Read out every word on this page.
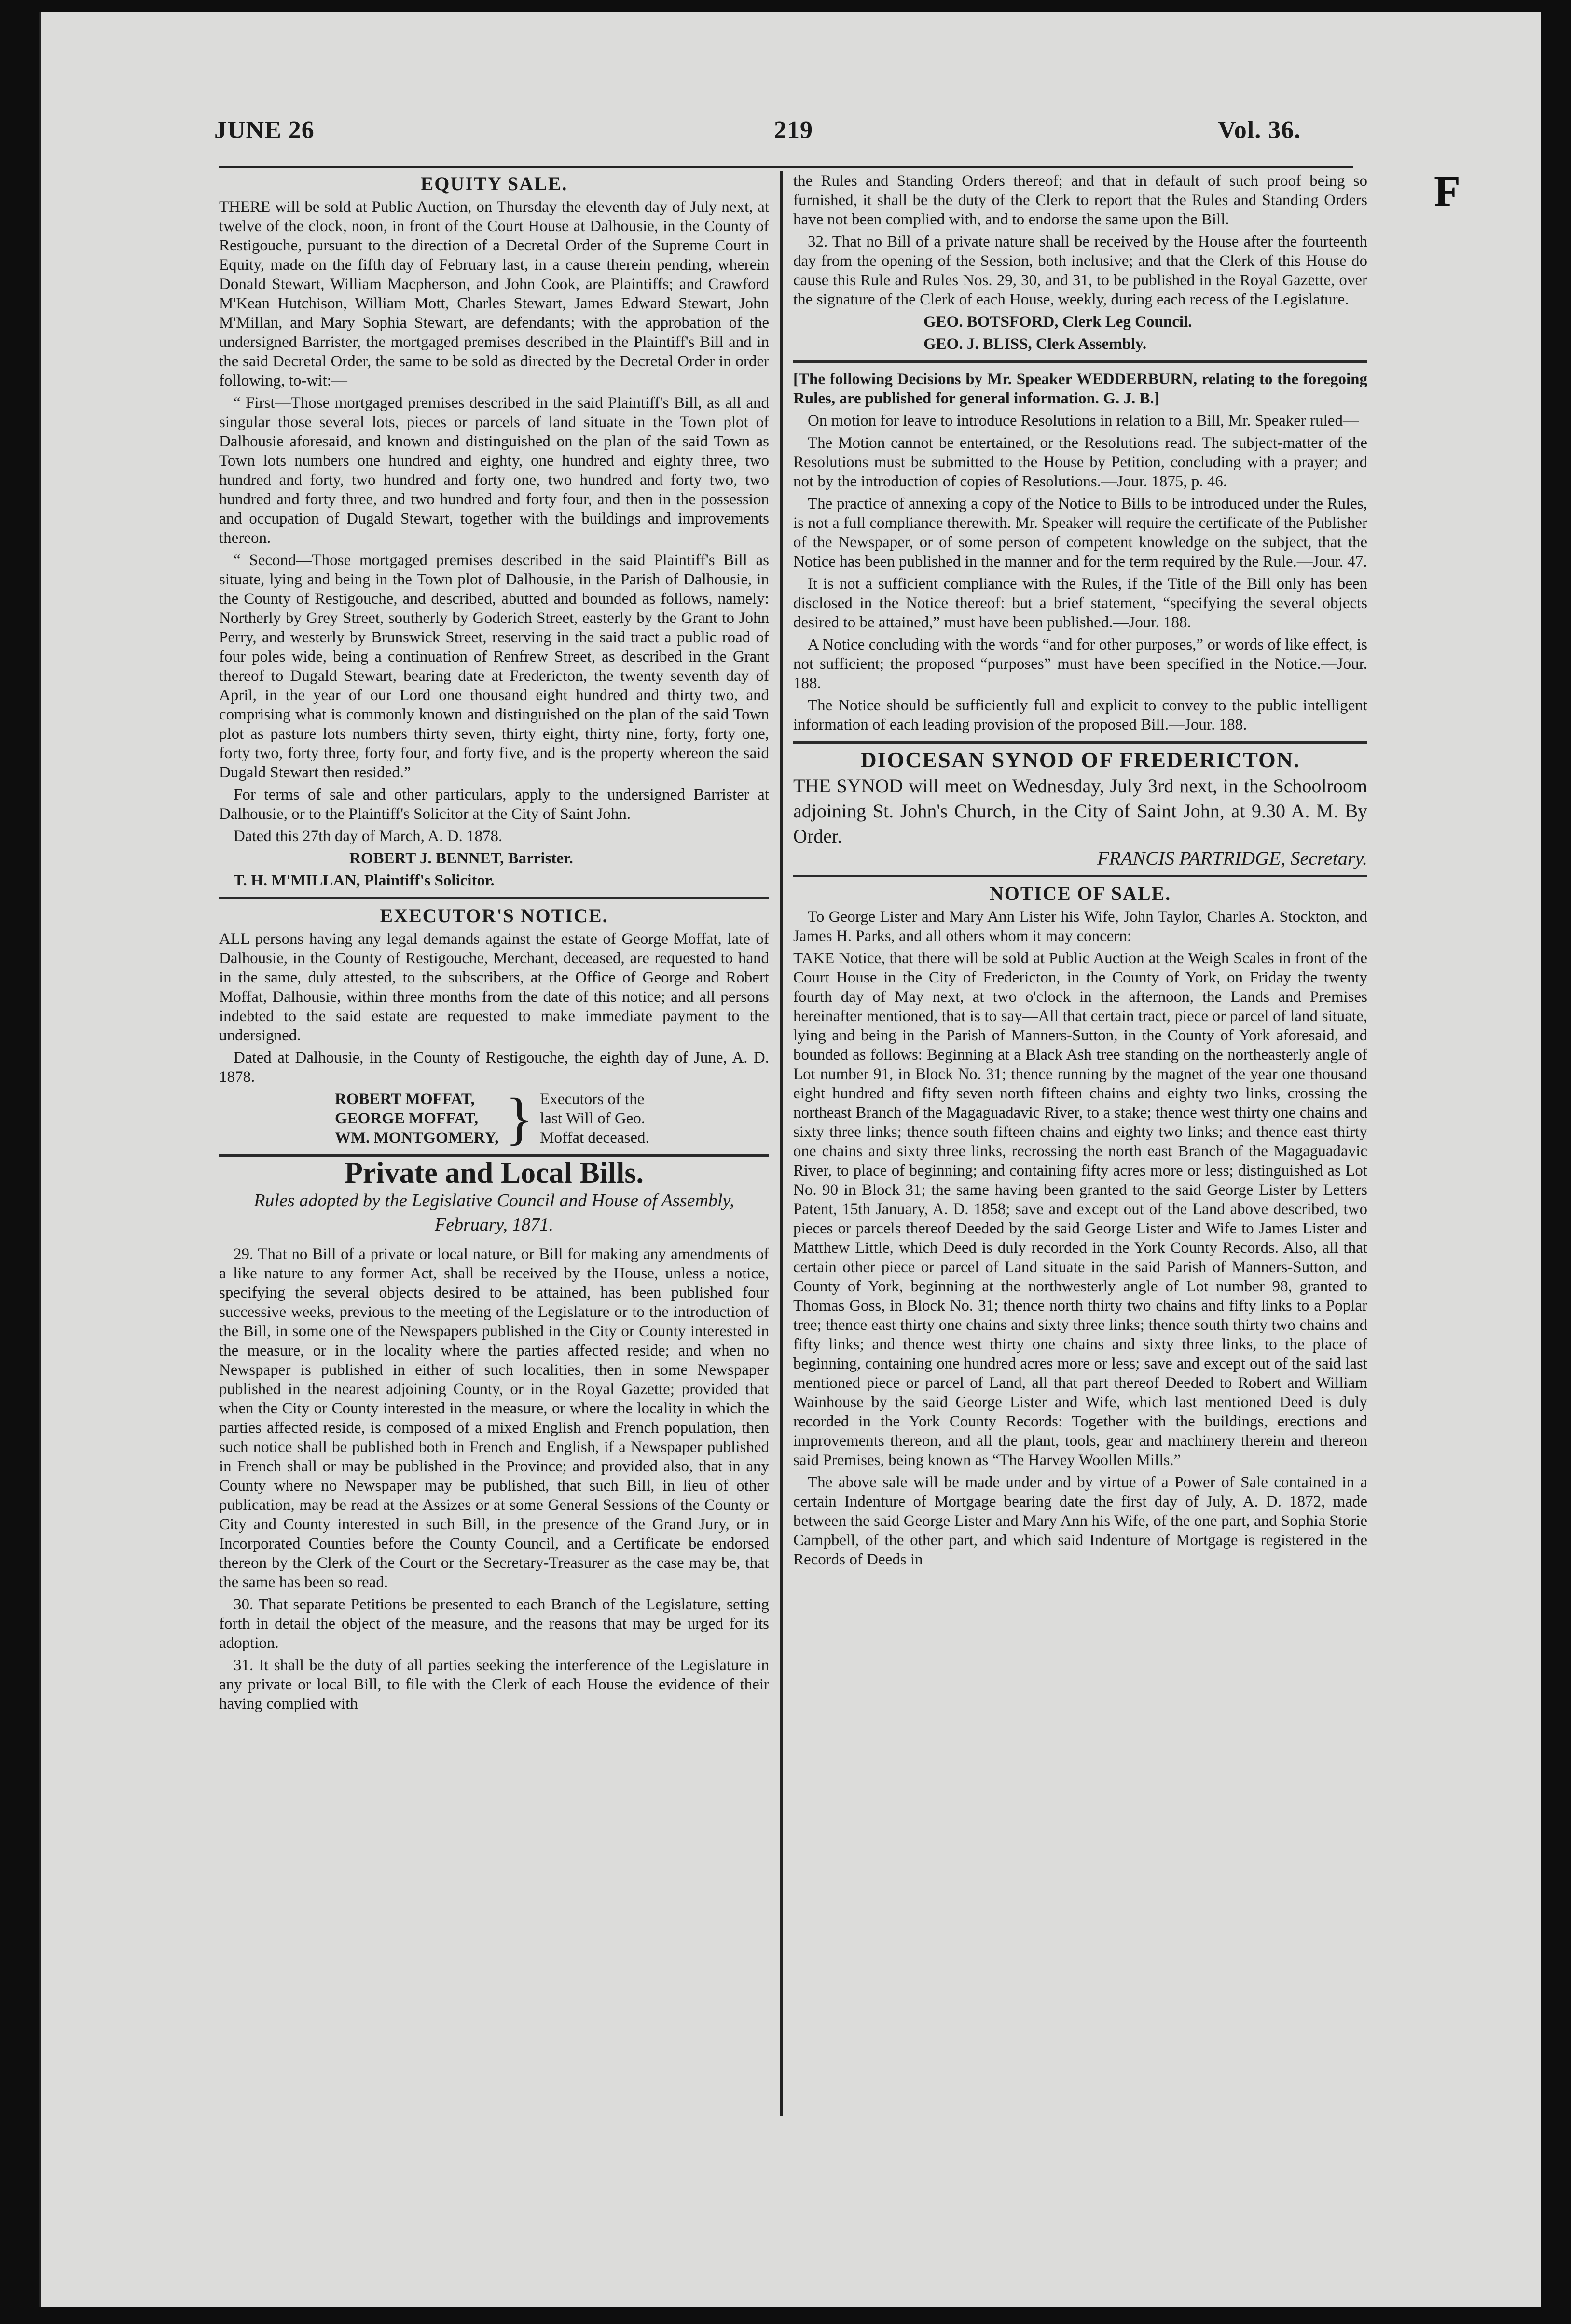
JUNE 26	219	Vol. 36.
F
EQUITY SALE.

THERE will be sold at Public Auction, on Thursday the eleventh day of July next, at twelve of the clock, noon, in front of the Court House at Dalhousie, in the County of Restigouche, pursuant to the direction of a Decretal Order of the Supreme Court in Equity, made on the fifth day of February last, in a cause therein pending, wherein Donald Stewart, William Macpherson, and John Cook, are Plaintiffs; and Crawford M'Kean Hutchison, William Mott, Charles Stewart, James Edward Stewart, John M'Millan, and Mary Sophia Stewart, are defendants; with the approbation of the undersigned Barrister, the mortgaged premises described in the Plaintiff's Bill and in the said Decretal Order, the same to be sold as directed by the Decretal Order in order following, to-wit:—

“ First—Those mortgaged premises described in the said Plaintiff's Bill, as all and singular those several lots, pieces or parcels of land situate in the Town plot of Dalhousie aforesaid, and known and distinguished on the plan of the said Town as Town lots numbers one hundred and eighty, one hundred and eighty three, two hundred and forty, two hundred and forty one, two hundred and forty two, two hundred and forty three, and two hundred and forty four, and then in the possession and occupation of Dugald Stewart, together with the buildings and improvements thereon.

“ Second—Those mortgaged premises described in the said Plaintiff's Bill as situate, lying and being in the Town plot of Dalhousie, in the Parish of Dalhousie, in the County of Restigouche, and described, abutted and bounded as follows, namely: Northerly by Grey Street, southerly by Goderich Street, easterly by the Grant to John Perry, and westerly by Brunswick Street, reserving in the said tract a public road of four poles wide, being a continuation of Renfrew Street, as described in the Grant thereof to Dugald Stewart, bearing date at Fredericton, the twenty seventh day of April, in the year of our Lord one thousand eight hundred and thirty two, and comprising what is commonly known and distinguished on the plan of the said Town plot as pasture lots numbers thirty seven, thirty eight, thirty nine, forty, forty one, forty two, forty three, forty four, and forty five, and is the property whereon the said Dugald Stewart then resided.”

For terms of sale and other particulars, apply to the undersigned Barrister at Dalhousie, or to the Plaintiff's Solicitor at the City of Saint John.

Dated this 27th day of March, A. D. 1878.

ROBERT J. BENNET, Barrister.

T. H. M'MILLAN, Plaintiff's Solicitor.

EXECUTOR'S NOTICE.

ALL persons having any legal demands against the estate of George Moffat, late of Dalhousie, in the County of Restigouche, Merchant, deceased, are requested to hand in the same, duly attested, to the subscribers, at the Office of George and Robert Moffat, Dalhousie, within three months from the date of this notice; and all persons indebted to the said estate are requested to make immediate payment to the undersigned.

Dated at Dalhousie, in the County of Restigouche, the eighth day of June, A. D. 1878.

ROBERT MOFFAT,
GEORGE MOFFAT,
WM. MONTGOMERY, } Executors of the
last Will of Geo.
Moffat deceased.
Private and Local Bills.
Rules adopted by the Legislative Council and House of Assembly, February, 1871.

29. That no Bill of a private or local nature, or Bill for making any amendments of a like nature to any former Act, shall be received by the House, unless a notice, specifying the several objects desired to be attained, has been published four successive weeks, previous to the meeting of the Legislature or to the introduction of the Bill, in some one of the Newspapers published in the City or County interested in the measure, or in the locality where the parties affected reside; and when no Newspaper is published in either of such localities, then in some Newspaper published in the nearest adjoining County, or in the Royal Gazette; provided that when the City or County interested in the measure, or where the locality in which the parties affected reside, is composed of a mixed English and French population, then such notice shall be published both in French and English, if a Newspaper published in French shall or may be published in the Province; and provided also, that in any County where no Newspaper may be published, that such Bill, in lieu of other publication, may be read at the Assizes or at some General Sessions of the County or City and County interested in such Bill, in the presence of the Grand Jury, or in Incorporated Counties before the County Council, and a Certificate be endorsed thereon by the Clerk of the Court or the Secretary-Treasurer as the case may be, that the same has been so read.

30. That separate Petitions be presented to each Branch of the Legislature, setting forth in detail the object of the measure, and the reasons that may be urged for its adoption.

31. It shall be the duty of all parties seeking the interference of the Legislature in any private or local Bill, to file with the Clerk of each House the evidence of their having complied with

the Rules and Standing Orders thereof; and that in default of such proof being so furnished, it shall be the duty of the Clerk to report that the Rules and Standing Orders have not been complied with, and to endorse the same upon the Bill.

32. That no Bill of a private nature shall be received by the House after the fourteenth day from the opening of the Session, both inclusive; and that the Clerk of this House do cause this Rule and Rules Nos. 29, 30, and 31, to be published in the Royal Gazette, over the signature of the Clerk of each House, weekly, during each recess of the Legislature.

GEO. BOTSFORD, Clerk Leg Council.

GEO. J. BLISS, Clerk Assembly.

[The following Decisions by Mr. Speaker WEDDERBURN, relating to the foregoing Rules, are published for general information. G. J. B.]

On motion for leave to introduce Resolutions in relation to a Bill, Mr. Speaker ruled—

The Motion cannot be entertained, or the Resolutions read. The subject-matter of the Resolutions must be submitted to the House by Petition, concluding with a prayer; and not by the introduction of copies of Resolutions.—Jour. 1875, p. 46.

The practice of annexing a copy of the Notice to Bills to be introduced under the Rules, is not a full compliance therewith. Mr. Speaker will require the certificate of the Publisher of the Newspaper, or of some person of competent knowledge on the subject, that the Notice has been published in the manner and for the term required by the Rule.—Jour. 47.

It is not a sufficient compliance with the Rules, if the Title of the Bill only has been disclosed in the Notice thereof: but a brief statement, “specifying the several objects desired to be attained,” must have been published.—Jour. 188.

A Notice concluding with the words “and for other purposes,” or words of like effect, is not sufficient; the proposed “purposes” must have been specified in the Notice.—Jour. 188.

The Notice should be sufficiently full and explicit to convey to the public intelligent information of each leading provision of the proposed Bill.—Jour. 188.

DIOCESAN SYNOD OF FREDERICTON.
THE SYNOD will meet on Wednesday, July 3rd next, in the Schoolroom adjoining St. John's Church, in the City of Saint John, at 9.30 A. M. By Order.
FRANCIS PARTRIDGE, Secretary.
NOTICE OF SALE.

To George Lister and Mary Ann Lister his Wife, John Taylor, Charles A. Stockton, and James H. Parks, and all others whom it may concern:

TAKE Notice, that there will be sold at Public Auction at the Weigh Scales in front of the Court House in the City of Fredericton, in the County of York, on Friday the twenty fourth day of May next, at two o'clock in the afternoon, the Lands and Premises hereinafter mentioned, that is to say—All that certain tract, piece or parcel of land situate, lying and being in the Parish of Manners-Sutton, in the County of York aforesaid, and bounded as follows: Beginning at a Black Ash tree standing on the northeasterly angle of Lot number 91, in Block No. 31; thence running by the magnet of the year one thousand eight hundred and fifty seven north fifteen chains and eighty two links, crossing the northeast Branch of the Magaguadavic River, to a stake; thence west thirty one chains and sixty three links; thence south fifteen chains and eighty two links; and thence east thirty one chains and sixty three links, recrossing the north east Branch of the Magaguadavic River, to place of beginning; and containing fifty acres more or less; distinguished as Lot No. 90 in Block 31; the same having been granted to the said George Lister by Letters Patent, 15th January, A. D. 1858; save and except out of the Land above described, two pieces or parcels thereof Deeded by the said George Lister and Wife to James Lister and Matthew Little, which Deed is duly recorded in the York County Records. Also, all that certain other piece or parcel of Land situate in the said Parish of Manners-Sutton, and County of York, beginning at the northwesterly angle of Lot number 98, granted to Thomas Goss, in Block No. 31; thence north thirty two chains and fifty links to a Poplar tree; thence east thirty one chains and sixty three links; thence south thirty two chains and fifty links; and thence west thirty one chains and sixty three links, to the place of beginning, containing one hundred acres more or less; save and except out of the said last mentioned piece or parcel of Land, all that part thereof Deeded to Robert and William Wainhouse by the said George Lister and Wife, which last mentioned Deed is duly recorded in the York County Records: Together with the buildings, erections and improvements thereon, and all the plant, tools, gear and machinery therein and thereon said Premises, being known as “The Harvey Woollen Mills.”

The above sale will be made under and by virtue of a Power of Sale contained in a certain Indenture of Mortgage bearing date the first day of July, A. D. 1872, made between the said George Lister and Mary Ann his Wife, of the one part, and Sophia Storie Campbell, of the other part, and which said Indenture of Mortgage is registered in the Records of Deeds in
